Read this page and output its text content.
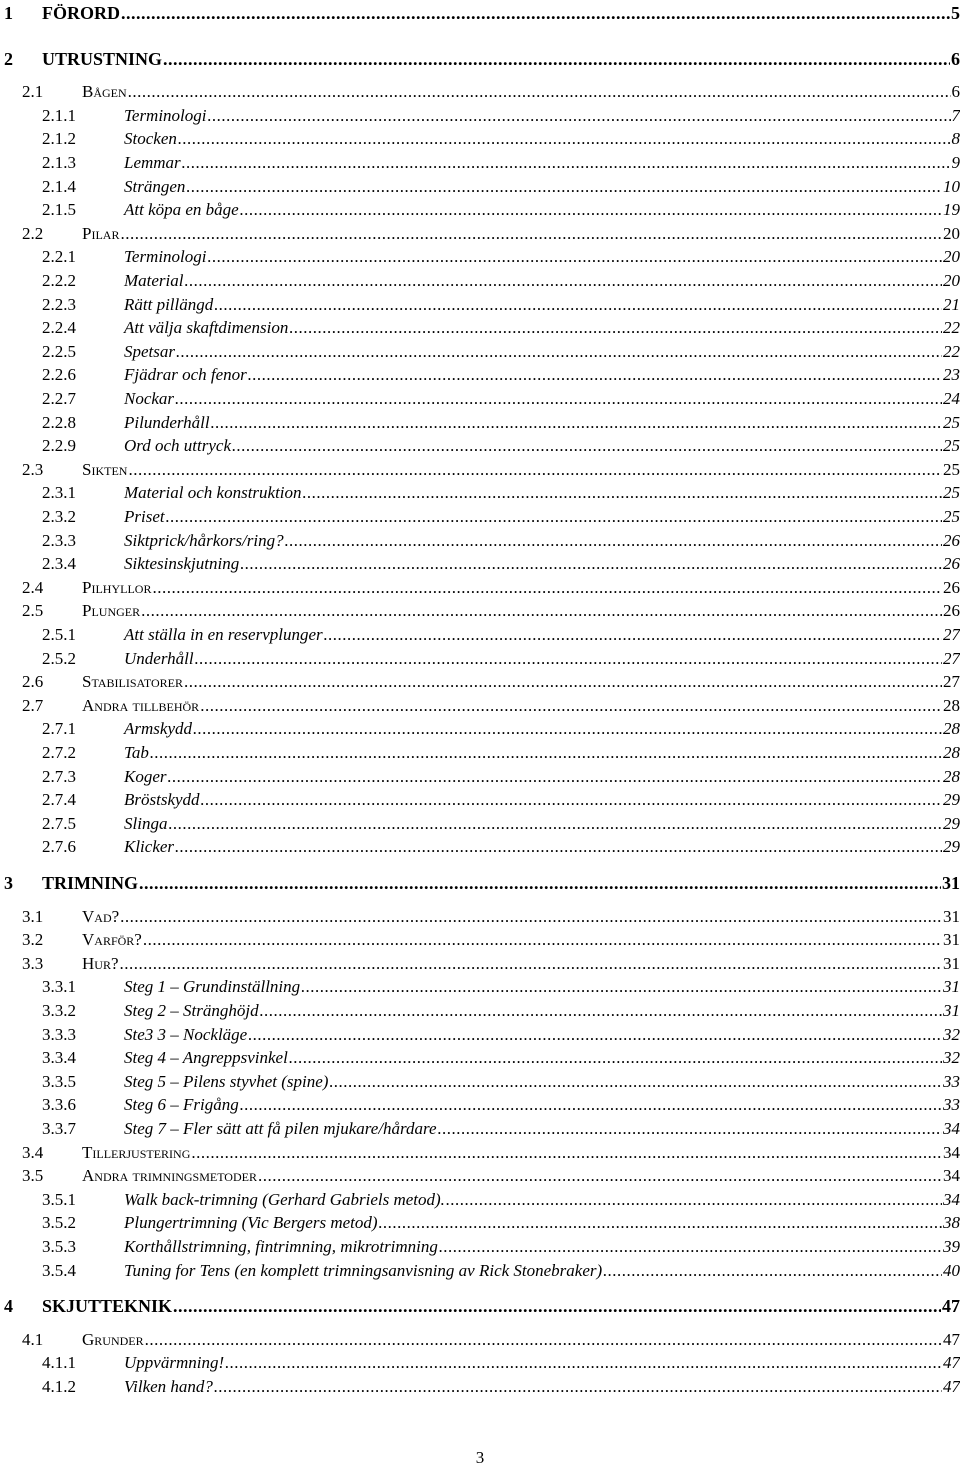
1	FÖRORD .....	5
2	UTRUSTNING .....	6
2.1	Bågen .....	6
2.1.1	Terminologi .....	7
2.1.2	Stocken .....	8
2.1.3	Lemmar .....	9
2.1.4	Strängen .....	10
2.1.5	Att köpa en båge .....	19
2.2	Pilar .....	20
2.2.1	Terminologi .....	20
2.2.2	Material .....	20
2.2.3	Rätt pillängd .....	21
2.2.4	Att välja skaftdimension .....	22
2.2.5	Spetsar .....	22
2.2.6	Fjädrar och fenor .....	23
2.2.7	Nockar .....	24
2.2.8	Pilunderhåll .....	25
2.2.9	Ord och uttryck .....	25
2.3	Sikten .....	25
2.3.1	Material och konstruktion .....	25
2.3.2	Priset .....	25
2.3.3	Siktprick/hårkors/ring? .....	26
2.3.4	Siktesinskjutning .....	26
2.4	Pilhyllor .....	26
2.5	Plunger .....	26
2.5.1	Att ställa in en reservplunger .....	27
2.5.2	Underhåll .....	27
2.6	Stabilisatorer .....	27
2.7	Andra tillbehör .....	28
2.7.1	Armskydd .....	28
2.7.2	Tab .....	28
2.7.3	Koger .....	28
2.7.4	Bröstskydd .....	29
2.7.5	Slinga .....	29
2.7.6	Klicker .....	29
3	TRIMNING .....	31
3.1	Vad? .....	31
3.2	Varför? .....	31
3.3	Hur? .....	31
3.3.1	Steg 1 – Grundinställning .....	31
3.3.2	Steg 2 – Stränghöjd .....	31
3.3.3	Ste3 3 – Nockläge .....	32
3.3.4	Steg 4 – Angreppsvinkel .....	32
3.3.5	Steg 5 – Pilens styvhet (spine) .....	33
3.3.6	Steg 6 – Frigång .....	33
3.3.7	Steg 7 – Fler sätt att få pilen mjukare/hårdare .....	34
3.4	Tillerjustering .....	34
3.5	Andra trimningsmetoder .....	34
3.5.1	Walk back-trimning (Gerhard Gabriels metod). .....	34
3.5.2	Plungertrimning (Vic Bergers metod) .....	38
3.5.3	Korthållstrimning, fintrimning, mikrotrimning .....	39
3.5.4	Tuning for Tens (en komplett trimningsanvisning av Rick Stonebraker) .....	40
4	SKJUTTEKNIK .....	47
4.1	Grunder .....	47
4.1.1	Uppvärmning! .....	47
4.1.2	Vilken hand? .....	47
3
